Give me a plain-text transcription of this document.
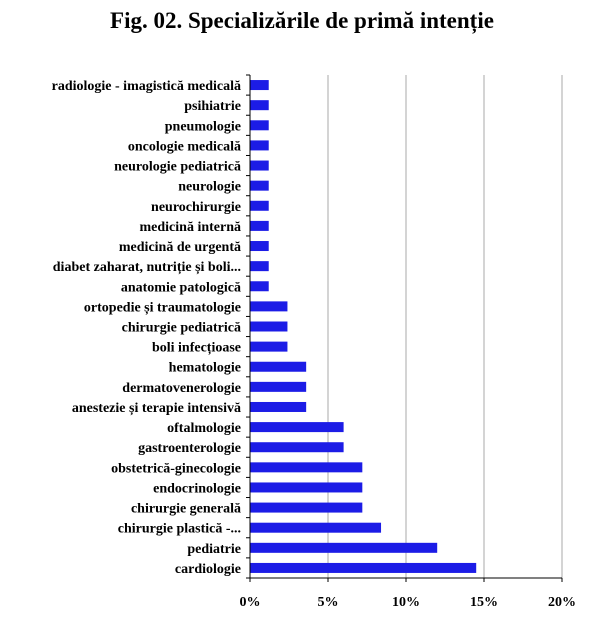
Fig. 02. Specializările de primă intenție
radiologie - imagistică medicală
psihiatrie
pneumologie
oncologie medicală
neurologie pediatrică
neurologie
neurochirurgie
medicină internă
medicină de urgentă
diabet zaharat, nutriție și boli...
anatomie patologică
ortopedie și traumatologie
chirurgie pediatrică
boli infecțioase
hematologie
dermatovenerologie
anestezie și terapie intensivă
oftalmologie
gastroenterologie
obstetrică-ginecologie
endocrinologie
chirurgie generală
chirurgie plastică -...
pediatrie
cardiologie
0%	5%	10%	15%	20%
